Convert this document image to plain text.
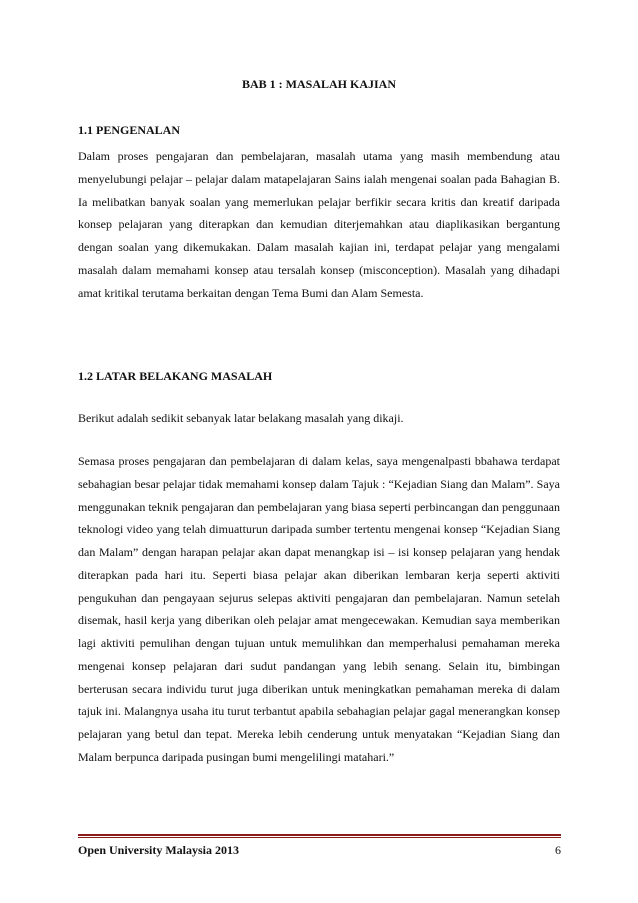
BAB 1 : MASALAH KAJIAN
1.1 PENGENALAN

Dalam proses pengajaran dan pembelajaran, masalah utama yang masih membendung atau menyelubungi pelajar – pelajar dalam matapelajaran Sains ialah mengenai soalan pada Bahagian B. Ia melibatkan banyak soalan yang memerlukan pelajar berfikir secara kritis dan kreatif daripada konsep pelajaran yang diterapkan dan kemudian diterjemahkan atau diaplikasikan bergantung dengan soalan yang dikemukakan. Dalam masalah kajian ini, terdapat pelajar yang mengalami masalah dalam memahami konsep atau tersalah konsep (misconception). Masalah yang dihadapi amat kritikal terutama berkaitan dengan Tema Bumi dan Alam Semesta.

1.2 LATAR BELAKANG MASALAH

Berikut adalah sedikit sebanyak latar belakang masalah yang dikaji.

Semasa proses pengajaran dan pembelajaran di dalam kelas, saya mengenalpasti bbahawa terdapat sebahagian besar pelajar tidak memahami konsep dalam Tajuk : “Kejadian Siang dan Malam”. Saya menggunakan teknik pengajaran dan pembelajaran yang biasa seperti perbincangan dan penggunaan teknologi video yang telah dimuatturun daripada sumber tertentu mengenai konsep “Kejadian Siang dan Malam” dengan harapan pelajar akan dapat menangkap isi – isi konsep pelajaran yang hendak diterapkan pada hari itu. Seperti biasa pelajar akan diberikan lembaran kerja seperti aktiviti pengukuhan dan pengayaan sejurus selepas aktiviti pengajaran dan pembelajaran. Namun setelah disemak, hasil kerja yang diberikan oleh pelajar amat mengecewakan. Kemudian saya memberikan lagi aktiviti pemulihan dengan tujuan untuk memulihkan dan memperhalusi pemahaman mereka mengenai konsep pelajaran dari sudut pandangan yang lebih senang. Selain itu, bimbingan berterusan secara individu turut juga diberikan untuk meningkatkan pemahaman mereka di dalam tajuk ini. Malangnya usaha itu turut terbantut apabila sebahagian pelajar gagal menerangkan konsep pelajaran yang betul dan tepat. Mereka lebih cenderung untuk menyatakan “Kejadian Siang dan Malam berpunca daripada pusingan bumi mengelilingi matahari.”

Open University Malaysia 2013	6
